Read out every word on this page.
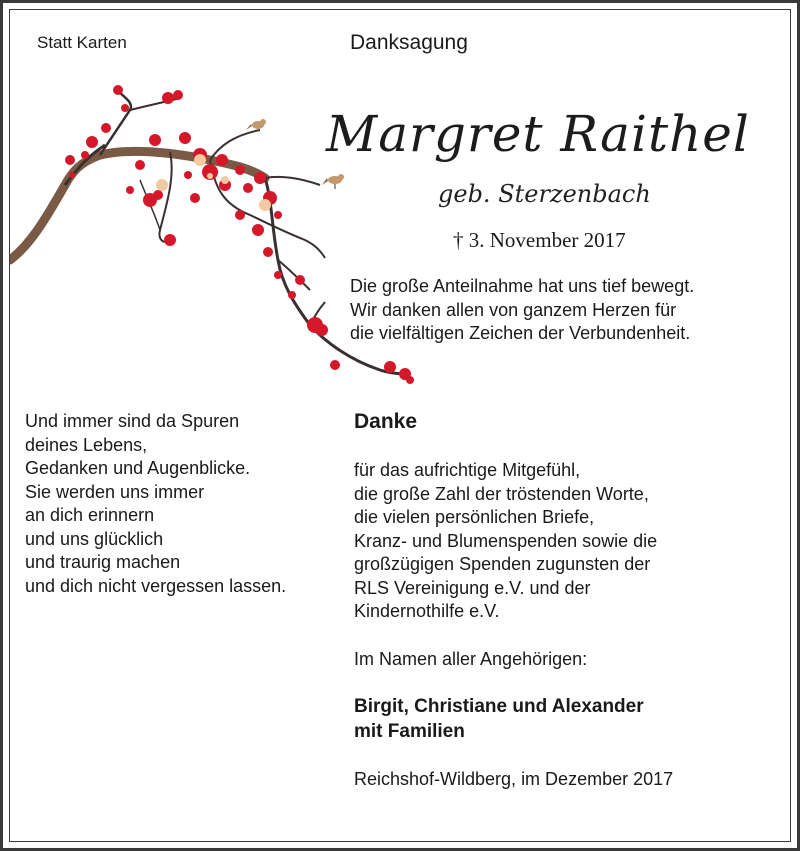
Statt Karten	Danksagung
Margret Raithel
geb. Sterzenbach
† 3. November 2017
Die große Anteilnahme hat uns tief bewegt.
Wir danken allen von ganzem Herzen für
die vielfältigen Zeichen der Verbundenheit.
Und immer sind da Spuren
deines Lebens,
Gedanken und Augenblicke.
Sie werden uns immer
an dich erinnern
und uns glücklich
und traurig machen
und dich nicht vergessen lassen.
Danke
für das aufrichtige Mitgefühl,
die große Zahl der tröstenden Worte,
die vielen persönlichen Briefe,
Kranz- und Blumenspenden sowie die
großzügigen Spenden zugunsten der
RLS Vereinigung e.V. und der
Kindernothilfe e.V.
Im Namen aller Angehörigen:
Birgit, Christiane und Alexander
mit Familien
Reichshof-Wildberg, im Dezember 2017
